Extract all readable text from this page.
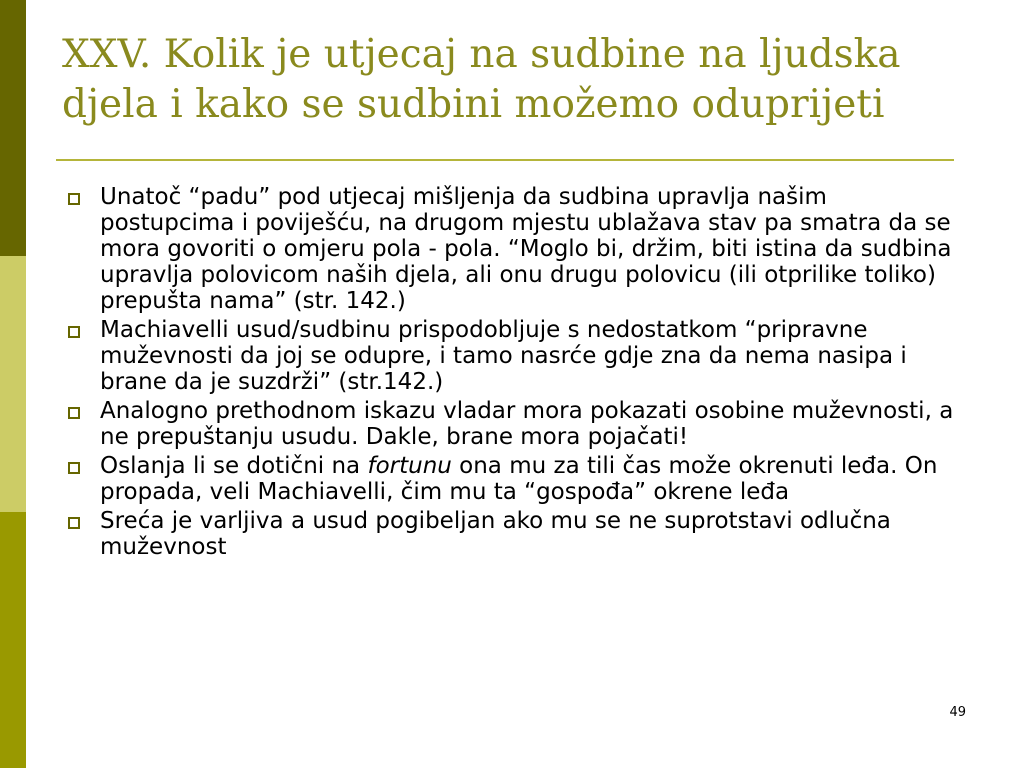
XXV. Kolik je utjecaj na sudbine na ljudska djela i kako se sudbini možemo oduprijeti
Unatoč “padu” pod utjecaj mišljenja da sudbina upravlja našim postupcima i poviješću, na drugom mjestu ublažava stav pa smatra da se mora govoriti o omjeru pola - pola. “Moglo bi, držim, biti istina da sudbina upravlja polovicom naših djela, ali onu drugu polovicu (ili otprilike toliko) prepušta nama” (str. 142.)
Machiavelli usud/sudbinu prispodobljuje s nedostatkom “pripravne muževnosti da joj se odupre, i tamo nasrće gdje zna da nema nasipa i brane da je suzdrži” (str.142.)
Analogno prethodnom iskazu vladar mora pokazati osobine muževnosti, a ne prepuštanju usudu. Dakle, brane mora pojačati!
Oslanja li se dotični na fortunu ona mu za tili čas može okrenuti leđa. On propada, veli Machiavelli, čim mu ta “gospođa” okrene leđa
Sreća je varljiva a usud pogibeljan ako mu se ne suprotstavi odlučna muževnost
49
